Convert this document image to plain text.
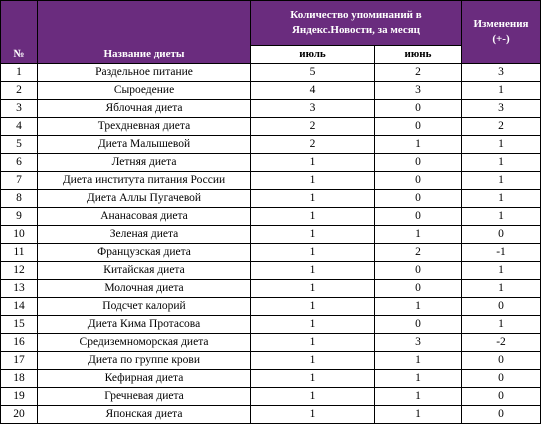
№	Название диеты	Количество упоминаний в Яндекс.Новости, за месяц		Изменения (+-)
		июль	июнь	
1	Раздельное питание	5	2	3
2	Сыроедение	4	3	1
3	Яблочная диета	3	0	3
4	Трехдневная диета	2	0	2
5	Диета Малышевой	2	1	1
6	Летняя диета	1	0	1
7	Диета института питания России	1	0	1
8	Диета Аллы Пугачевой	1	0	1
9	Ананасовая диета	1	0	1
10	Зеленая диета	1	1	0
11	Французская диета	1	2	-1
12	Китайская диета	1	0	1
13	Молочная диета	1	0	1
14	Подсчет калорий	1	1	0
15	Диета Кима Протасова	1	0	1
16	Средиземноморская диета	1	3	-2
17	Диета по группе крови	1	1	0
18	Кефирная диета	1	1	0
19	Гречневая диета	1	1	0
20	Японская диета	1	1	0
